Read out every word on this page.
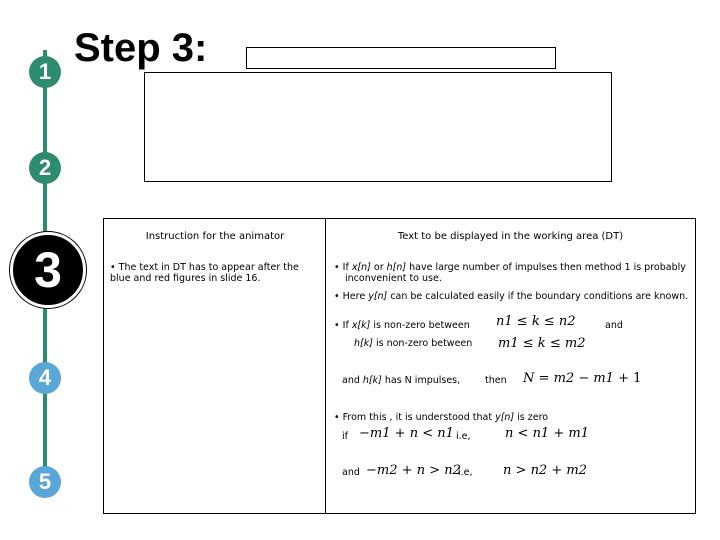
1
2
3
4
5
Step 3:
Instruction for the animator
• The text in DT has to appear after the blue and red figures in slide 16.
Text to be displayed in the working area (DT)
• If x[n] or h[n] have large number of impulses then method 1 is probably inconvenient to use.
• Here y[n] can be calculated easily if the boundary conditions are known.
• If x[k] is non-zero between n1 ≤ k ≤ n2	and
h[k] is non-zero between m1 ≤ k ≤ m2
and h[k] has N impulses,	then N = m2 − m1 + 1
• From this , it is understood that y[n] is zero
if −m1 + n < n1 i.e,	n < n1 + m1
and −m2 + n > n2
i.e, n > n2 + m2
